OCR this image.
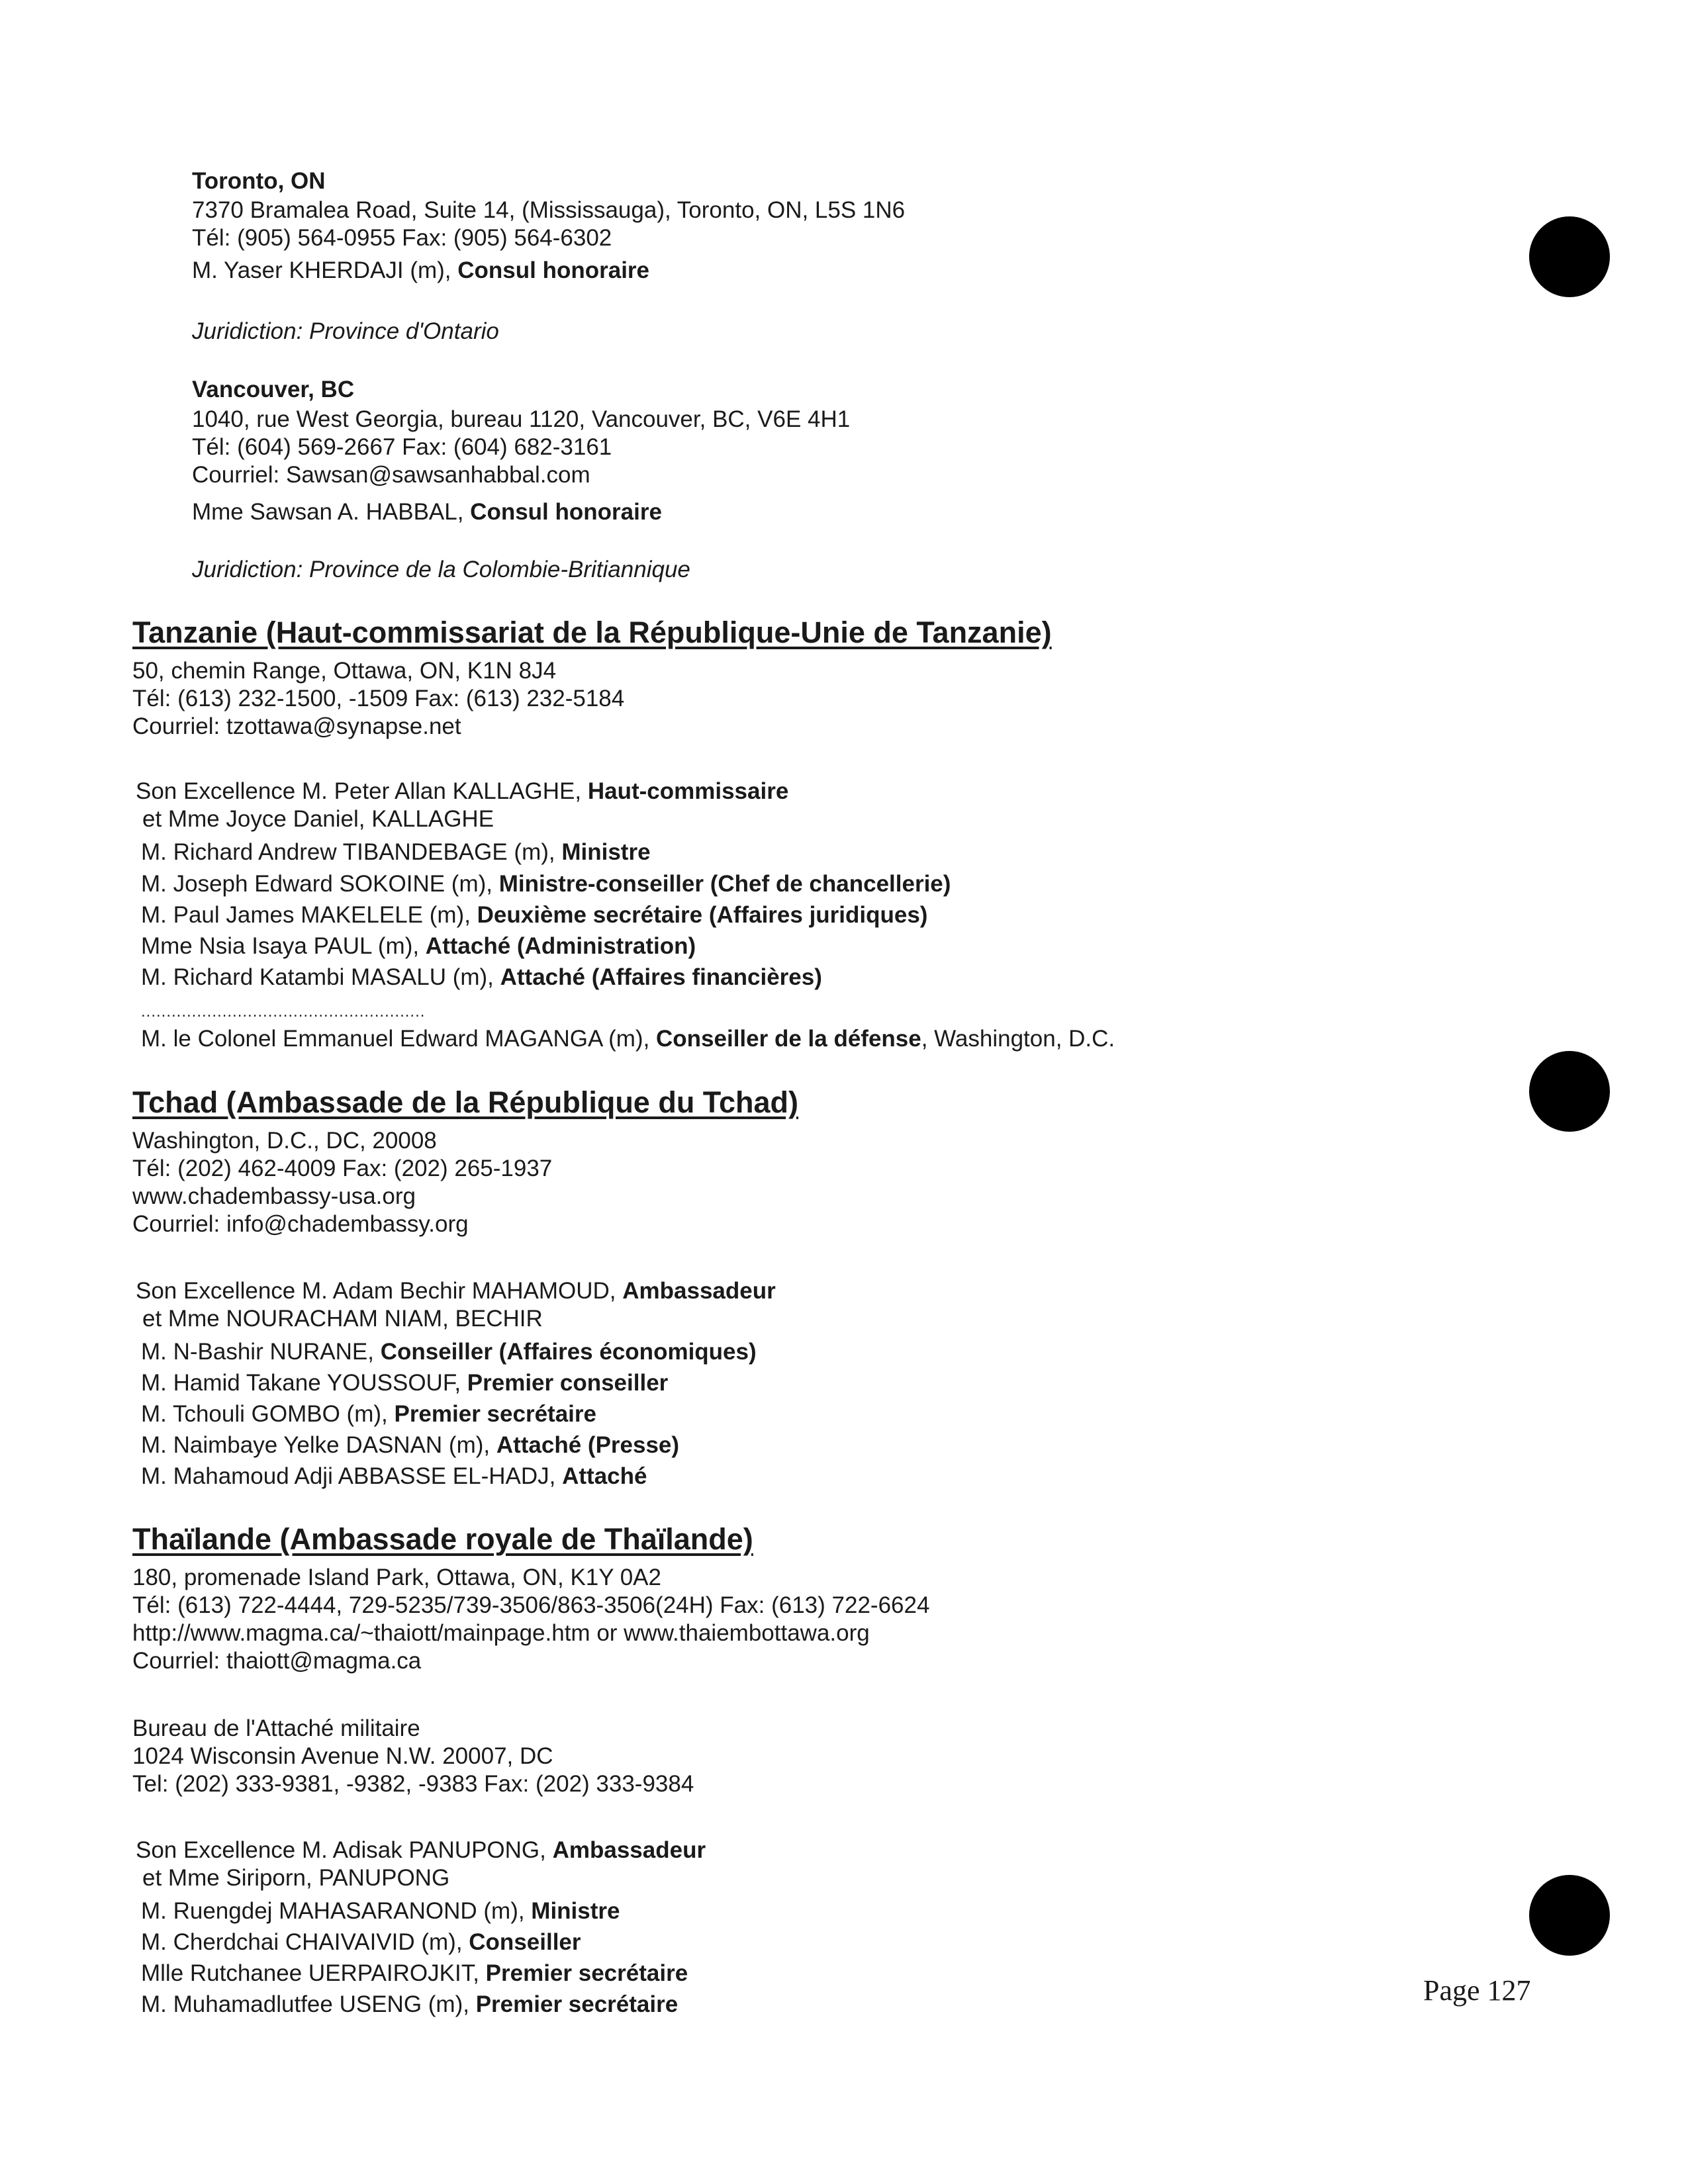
Toronto, ON
7370 Bramalea Road, Suite 14, (Mississauga), Toronto, ON, L5S 1N6
Tél: (905) 564-0955 Fax: (905) 564-6302
M. Yaser KHERDAJI (m), Consul honoraire
Juridiction: Province d'Ontario
Vancouver, BC
1040, rue West Georgia, bureau 1120, Vancouver, BC, V6E 4H1
Tél: (604) 569-2667 Fax: (604) 682-3161
Courriel: Sawsan@sawsanhabbal.com
Mme Sawsan A. HABBAL, Consul honoraire
Juridiction: Province de la Colombie-Britiannique
Tanzanie (Haut-commissariat de la République-Unie de Tanzanie)
50, chemin Range, Ottawa, ON, K1N 8J4
Tél: (613) 232-1500, -1509 Fax: (613) 232-5184
Courriel: tzottawa@synapse.net
Son Excellence M. Peter Allan KALLAGHE, Haut-commissaire
et Mme Joyce Daniel, KALLAGHE
M. Richard Andrew TIBANDEBAGE (m), Ministre
M. Joseph Edward SOKOINE (m), Ministre-conseiller (Chef de chancellerie)
M. Paul James MAKELELE (m), Deuxième secrétaire (Affaires juridiques)
Mme Nsia Isaya PAUL (m), Attaché (Administration)
M. Richard Katambi MASALU (m), Attaché (Affaires financières)
........................................................
M. le Colonel Emmanuel Edward MAGANGA (m), Conseiller de la défense, Washington, D.C.
Tchad (Ambassade de la République du Tchad)
Washington, D.C., DC, 20008
Tél: (202) 462-4009 Fax: (202) 265-1937
www.chadembassy-usa.org
Courriel: info@chadembassy.org
Son Excellence M. Adam Bechir MAHAMOUD, Ambassadeur
et Mme NOURACHAM NIAM, BECHIR
M. N-Bashir NURANE, Conseiller (Affaires économiques)
M. Hamid Takane YOUSSOUF, Premier conseiller
M. Tchouli GOMBO (m), Premier secrétaire
M. Naimbaye Yelke DASNAN (m), Attaché (Presse)
M. Mahamoud Adji ABBASSE EL-HADJ, Attaché
Thaïlande (Ambassade royale de Thaïlande)
180, promenade Island Park, Ottawa, ON, K1Y 0A2
Tél: (613) 722-4444, 729-5235/739-3506/863-3506(24H) Fax: (613) 722-6624
http://www.magma.ca/~thaiott/mainpage.htm or www.thaiembottawa.org
Courriel: thaiott@magma.ca
Bureau de l'Attaché militaire
1024 Wisconsin Avenue N.W. 20007, DC
Tel: (202) 333-9381, -9382, -9383 Fax: (202) 333-9384
Son Excellence M. Adisak PANUPONG, Ambassadeur
et Mme Siriporn, PANUPONG
M. Ruengdej MAHASARANOND (m), Ministre
M. Cherdchai CHAIVAIVID (m), Conseiller
Mlle Rutchanee UERPAIROJKIT, Premier secrétaire
M. Muhamadlutfee USENG (m), Premier secrétaire	Page 127
